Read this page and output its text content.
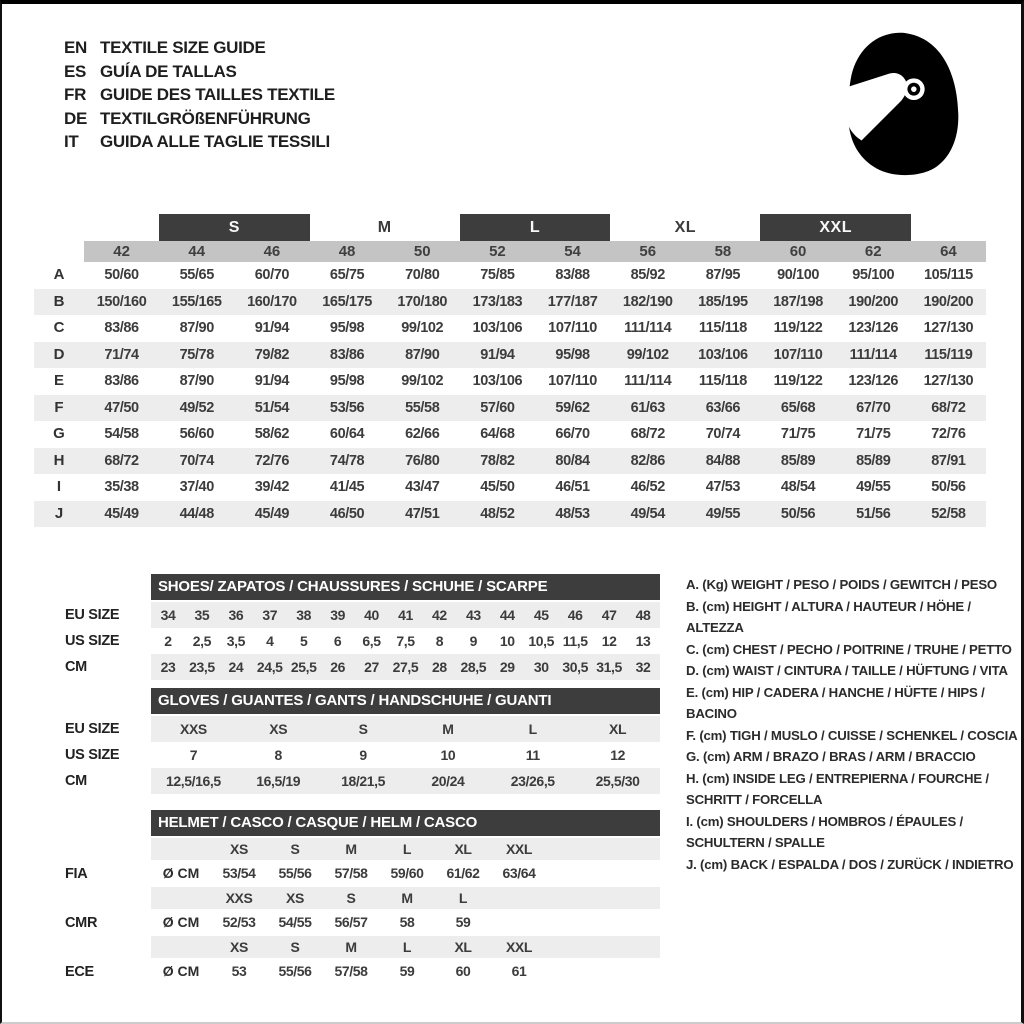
EN TEXTILE SIZE GUIDE
ES GUÍA DE TALLAS
FR GUIDE DES TAILLES TEXTILE
DE TEXTILGRÖßENFÜHRUNG
IT	GUIDA ALLE TAGLIE TESSILI
S	M	L	XL	XXL
42	44	46	48	50	52	54	56	58	60	62	64
A	50/60	55/65	60/70	65/75	70/80	75/85	83/88	85/92	87/95	90/100	95/100	105/115
B	150/160	155/165	160/170	165/175	170/180	173/183	177/187	182/190	185/195	187/198	190/200	190/200
C	83/86	87/90	91/94	95/98	99/102	103/106	107/110	111/114	115/118	119/122	123/126	127/130
D	71/74	75/78	79/82	83/86	87/90	91/94	95/98	99/102	103/106	107/110	111/114	115/119
E	83/86	87/90	91/94	95/98	99/102	103/106	107/110	111/114	115/118	119/122	123/126	127/130
F	47/50	49/52	51/54	53/56	55/58	57/60	59/62	61/63	63/66	65/68	67/70	68/72
G	54/58	56/60	58/62	60/64	62/66	64/68	66/70	68/72	70/74	71/75	71/75	72/76
H	68/72	70/74	72/76	74/78	76/80	78/82	80/84	82/86	84/88	85/89	85/89	87/91
I	35/38	37/40	39/42	41/45	43/47	45/50	46/51	46/52	47/53	48/54	49/55	50/56
J	45/49	44/48	45/49	46/50	47/51	48/52	48/53	49/54	49/55	50/56	51/56	52/58
SHOES/ ZAPATOS / CHAUSSURES / SCHUHE / SCARPE
EU SIZE	34	35	36	37	38	39	40	41	42	43	44	45	46	47	48
US SIZE	2	2,5	3,5	4	5	6	6,5	7,5	8	9	10 10,5 11,5	12	13
CM	23 23,5 24 24,5 25,5 26	27 27,5 28 28,5 29	30 30,5 31,5 32
GLOVES / GUANTES / GANTS / HANDSCHUHE / GUANTI
EU SIZE	XXS	XS	S	M	L	XL
US SIZE	7	8	9	10	11	12
CM	12,5/16,5	16,5/19	18/21,5	20/24	23/26,5	25,5/30
HELMET / CASCO / CASQUE / HELM / CASCO
XS	S	M	L	XL	XXL
FIA	Ø CM	53/54	55/56	57/58	59/60	61/62	63/64
XXS	XS	S	M	L
CMR	Ø CM	52/53	54/55	56/57	58	59
XS	S	M	L	XL	XXL
ECE	Ø CM	53	55/56	57/58	59	60	61
A. (Kg) WEIGHT / PESO / POIDS / GEWITCH / PESO
B. (cm) HEIGHT / ALTURA / HAUTEUR / HÖHE / ALTEZZA
C. (cm) CHEST / PECHO / POITRINE / TRUHE / PETTO
D. (cm) WAIST / CINTURA / TAILLE / HÜFTUNG / VITA
E. (cm) HIP / CADERA / HANCHE / HÜFTE / HIPS / BACINO
F. (cm) TIGH / MUSLO / CUISSE / SCHENKEL / COSCIA
G. (cm) ARM / BRAZO / BRAS / ARM / BRACCIO
H. (cm) INSIDE LEG / ENTREPIERNA / FOURCHE / SCHRITT / FORCELLA
I. (cm) SHOULDERS / HOMBROS / ÉPAULES / SCHULTERN / SPALLE
J. (cm) BACK / ESPALDA / DOS / ZURÜCK / INDIETRO
